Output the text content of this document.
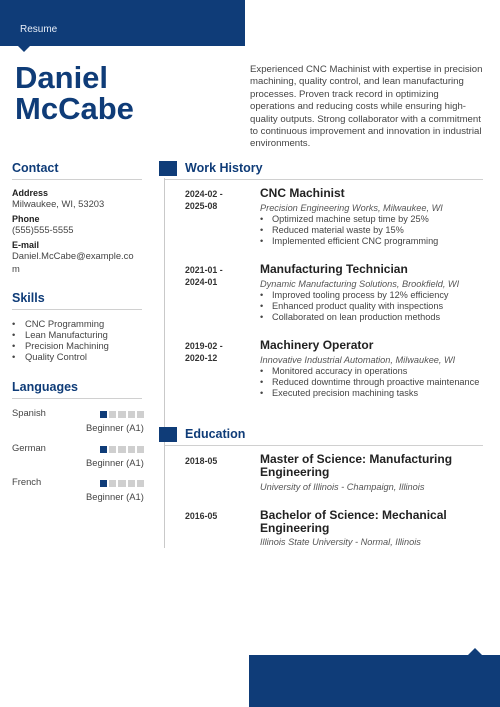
Resume
Daniel
McCabe

Experienced CNC Machinist with expertise in precision machining, quality control, and lean manufacturing processes. Proven track record in optimizing operations and reducing costs while ensuring high-quality outputs. Strong collaborator with a commitment to continuous improvement and innovation in industrial environments.

Contact
Address
Milwaukee, WI, 53203
Phone
(555)555-5555
E-mail
Daniel.McCabe@example.co
m
Skills
• CNC Programming
• Lean Manufacturing
• Precision Machining
• Quality Control
Languages
Spanish
Beginner (A1)
German
Beginner (A1)
French
Beginner (A1)
Work History
2024-02 -
2025-08
CNC Machinist
Precision Engineering Works, Milwaukee, WI
• Optimized machine setup time by 25%
• Reduced material waste by 15%
• Implemented efficient CNC programming
2021-01 -
2024-01
Manufacturing Technician
Dynamic Manufacturing Solutions, Brookfield, WI
• Improved tooling process by 12% efficiency
• Enhanced product quality with inspections
• Collaborated on lean production methods
2019-02 -
2020-12
Machinery Operator
Innovative Industrial Automation, Milwaukee, WI
• Monitored accuracy in operations
• Reduced downtime through proactive maintenance
• Executed precision machining tasks
Education
2018-05	Master of Science: Manufacturing
Engineering
University of Illinois - Champaign, Illinois
2016-05	Bachelor of Science: Mechanical
Engineering
Illinois State University - Normal, Illinois
